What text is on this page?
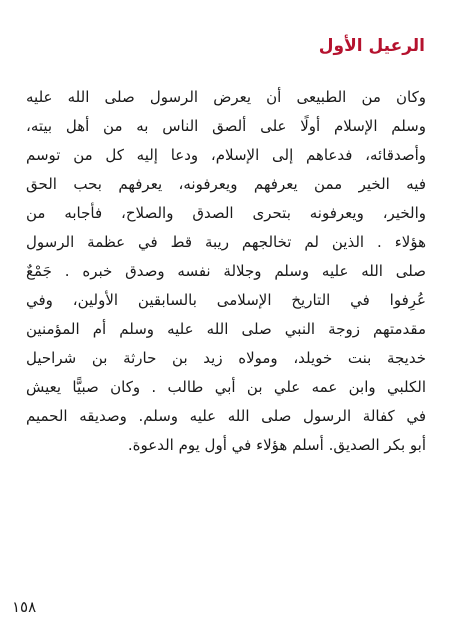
الرعيل الأول
وكان من الطبيعى أن يعرض الرسول صلى الله عليه
وسلم الإسلام أولًا على ألصق الناس به من أهل بيته،
وأصدقائه، فدعاهم إلى الإسلام، ودعا إليه كل من توسم
فيه الخير ممن يعرفهم ويعرفونه، يعرفهم بحب الحق
والخير، ويعرفونه بتحرى الصدق والصلاح، فأجابه من
هؤلاء . الذين لم تخالجهم ريبة قط في عظمة الرسول
صلى الله عليه وسلم وجلالة نفسه وصدق خبره . جَمْعٌ
عُرِفوا في التاريخ الإسلامى بالسابقين الأولين، وفي
مقدمتهم زوجة النبي صلى الله عليه وسلم أم المؤمنين
خديجة بنت خويلد، ومولاه زيد بن حارثة بن شراحيل
الكلبي وابن عمه علي بن أبي طالب . وكان صبيًّا يعيش
في كفالة الرسول صلى الله عليه وسلم. وصديقه الحميم
أبو بكر الصديق. أسلم هؤلاء في أول يوم الدعوة.

١٥٨
